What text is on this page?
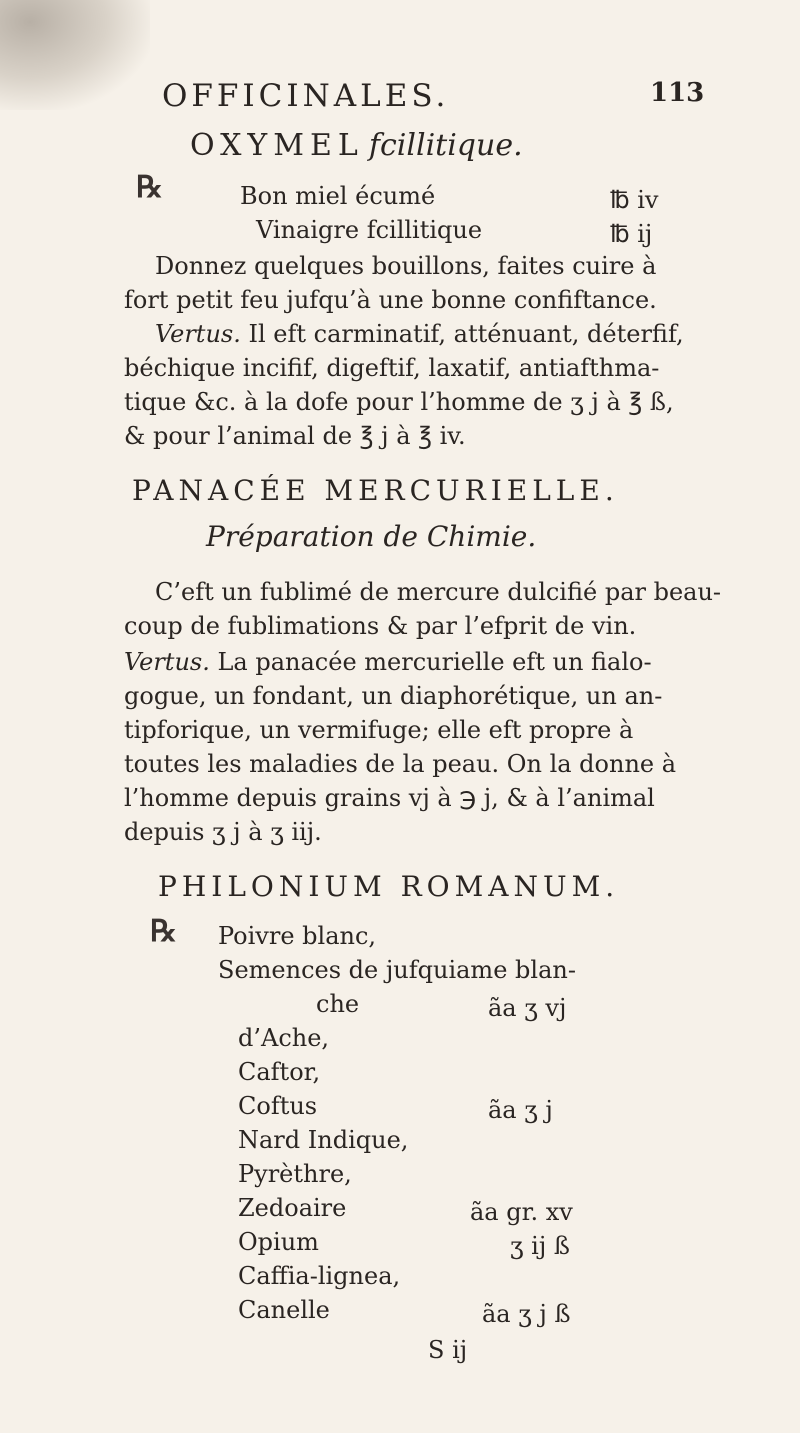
OFFICINALES.	113
OXYMEL fcillitique.
℞	Bon miel écumé	℔ iv
Vinaigre fcillitique	℔ ij
Donnez quelques bouillons, faites cuire à
fort petit feu jufqu’à une bonne confiftance.
Vertus. Il eft carminatif, atténuant, déterfif,
béchique incifif, digeftif, laxatif, antiafthma-
tique &c. à la dofe pour l’homme de ʒ j à ℥ ß,
& pour l’animal de ℥ j à ℥ iv.
PANACÉE MERCURIELLE.
Préparation de Chimie.
C’eft un fublimé de mercure dulcifié par beau-
coup de fublimations & par l’efprit de vin.
Vertus. La panacée mercurielle eft un fialo-
gogue, un fondant, un diaphorétique, un an-
tipforique, un vermifuge; elle eft propre à
toutes les maladies de la peau. On la donne à
l’homme depuis grains vj à ℈ j, & à l’animal
depuis ʒ j à ʒ iij.
PHILONIUM ROMANUM.
℞ Poivre blanc,
Semences de jufquiame blan-
che	ãa ʒ vj
d’Ache,
Caftor,
Coftus	ãa ʒ j
Nard Indique,
Pyrèthre,
Zedoaire	ãa gr. xv
Opium	ʒ ij ß
Caffia-lignea,
Canelle	ãa ʒ j ß
S ij
